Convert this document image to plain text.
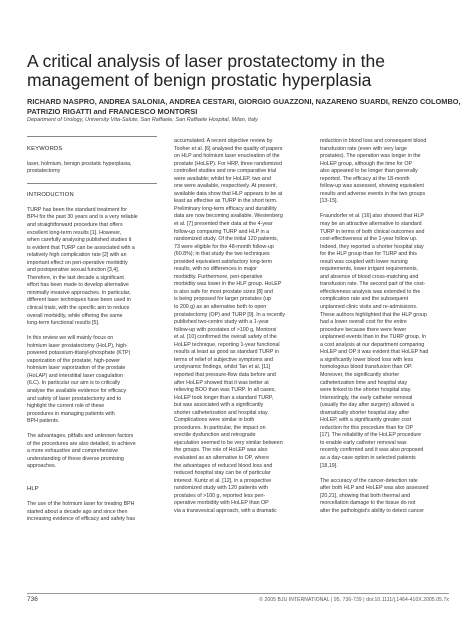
A critical analysis of laser prostatectomy in the
management of benign prostatic hyperplasia
RICHARD NASPRO, ANDREA SALONIA, ANDREA CESTARI, GIORGIO GUAZZONI, NAZARENO SUARDI, RENZO COLOMBO,
PATRIZIO RIGATTI and FRANCESCO MONTORSI
Department of Urology, University Vita-Salute, San Raffaele, San Raffaele Hospital, Milan, Italy
KEYWORDS
laser, holmium, benign prostatic hyperplasia,
prostatectomy
INTRODUCTION
TURP has been the standard treatment for
BPH for the past 30 years and is a very reliable
and straightforward procedure that offers
excellent long-term results [1]. However,
when carefully analysing published studies it
is evident that TURP can be associated with a
relatively high complication rate [2] with an
important effect on peri-operative morbidity
and postoperative sexual function [3,4].
Therefore, in the last decade a significant
effort has been made to develop alternative
minimally invasive approaches. In particular,
different laser techniques have been used in
clinical trials, with the specific aim to reduce
overall morbidity, while offering the same
long-term functional results [5].
In this review we will mainly focus on
holmium laser prostatectomy (HoLP), high-
powered potassium-titanyl-phosphate (KTP)
vaporization of the prostate, high-power
holmium laser vaporization of the prostate
(HoLAP) and interstitial laser coagulation
(ILC). In particular our aim is to critically
analyse the available evidence for efficacy
and safety of laser prostatectomy and to
highlight the current role of these
procedures in managing patients with
BPH patients.
The advantages, pitfalls and unknown factors
of the procedures are also detailed, to achieve
a more exhaustive and comprehensive
understanding of these diverse promising
approaches.
HLP
The use of the holmium laser for treating BPH
started about a decade ago and since then
increasing evidence of efficacy and safety has
accumulated. A recent objective review by
Tooher et al. [6] analysed the quality of papers
on HLP and holmium laser enucleation of the
prostate (HoLEP). For HRP, three randomized
controlled studies and one comparative trial
were available; whilst for HoLEP, two and
one were available, respectively. At present,
available data show that HLP appears to be at
least as effective as TURP in the short term.
Preliminary long-term efficacy and durability
data are now becoming available. Westenberg
et al. [7] presented their data at the 4-year
follow-up comparing TURP and HLP in a
randomized study. Of the initial 120 patients,
73 were eligible for the 48-month follow-up
(60.8%); in that study the two techniques
provided equivalent satisfactory long-term
results, with no differences in major
morbidity. Furthermore, peri-operative
morbidity was lower in the HLP group. HoLEP
is also safe for most prostate sizes [8] and
is being proposed for larger prostates (up
to 200 g) as an alternative both to open
prostatectomy (OP) and TURP [9]. In a recently
published two-centre study with a 1-year
follow-up with prostates of >100 g, Montorsi
et al. [10] confirmed the overall safety of the
HoLEP technique, reporting 1-year functional
results at least as good as standard TURP in
terms of relief of subjective symptoms and
urodynamic findings, whilst Tan et al. [11]
reported that pressure-flow data before and
after HoLEP showed that it was better at
relieving BOO than was TURP. In all cases,
HoLEP took longer than a standard TURP,
but was associated with a significantly
shorter catheterization and hospital stay.
Complications were similar in both
procedures. In particular, the impact on
erectile dysfunction and retrograde
ejaculation seemed to be very similar between
the groups. The role of HoLEP was also
evaluated as an alternative to OP, where
the advantages of reduced blood loss and
reduced hospital stay can be of particular
interest. Kuntz et al. [12], in a prospective
randomized study with 120 patients with
prostates of >100 g, reported less peri-
operative morbidity with HoLEP than OP
via a transvesical approach, with a dramatic
reduction in blood loss and consequent blood
transfusion rate (even with very large
prostates). The operation was longer in the
HoLEP group, although the time for OP
also appeared to be longer than generally
reported. The efficacy at the 18-month
follow-up was assessed, showing equivalent
results and adverse events in the two groups
[13-15].
Fraundorfer et al. [16] also showed that HLP
may be an attractive alternative to standard
TURP in terms of both clinical outcomes and
cost-effectiveness at the 1-year follow up.
Indeed, they reported a shorter hospital stay
for the HLP group than for TURP and this
result was coupled with lower nursing
requirements, lower irrigant requirements,
and absence of blood cross-matching and
transfusion rate. The second part of the cost-
effectiveness analysis was extended to the
complication rate and the subsequent
unplanned clinic visits and re-admissions.
These authors highlighted that the HLP group
had a lower overall cost for the entire
procedure because there were fewer
unplanned events than in the TURP group. In
a cost analysis at our department comparing
HoLEP and OP it was evident that HoLEP had
a significantly lower blood loss with less
homologous blood transfusion than OP.
Moreover, the significantly shorter
catheterization time and hospital stay
were linked to the shorter hospital stay.
Interestingly, the early catheter removal
(usually the day after surgery) allowed a
dramatically shorter hospital stay after
HoLEP, with a significantly greater cost
reduction for this procedure than for OP
[17]. The reliability of the HoLEP procedure
to enable early catheter removal was
recently confirmed and it was also proposed
as a day-case option in selected patients
[18,19].
The accuracy of the cancer-detection rate
after both HLP and HoLEP was also assessed
[20,21], showing that both thermal and
morcellation damage to the tissue do not
alter the pathologist's ability to detect cancer
736	© 2005 BJU INTERNATIONAL | 95, 736-739 | doi:10.1111/j.1464-410X.2005.05.7x
